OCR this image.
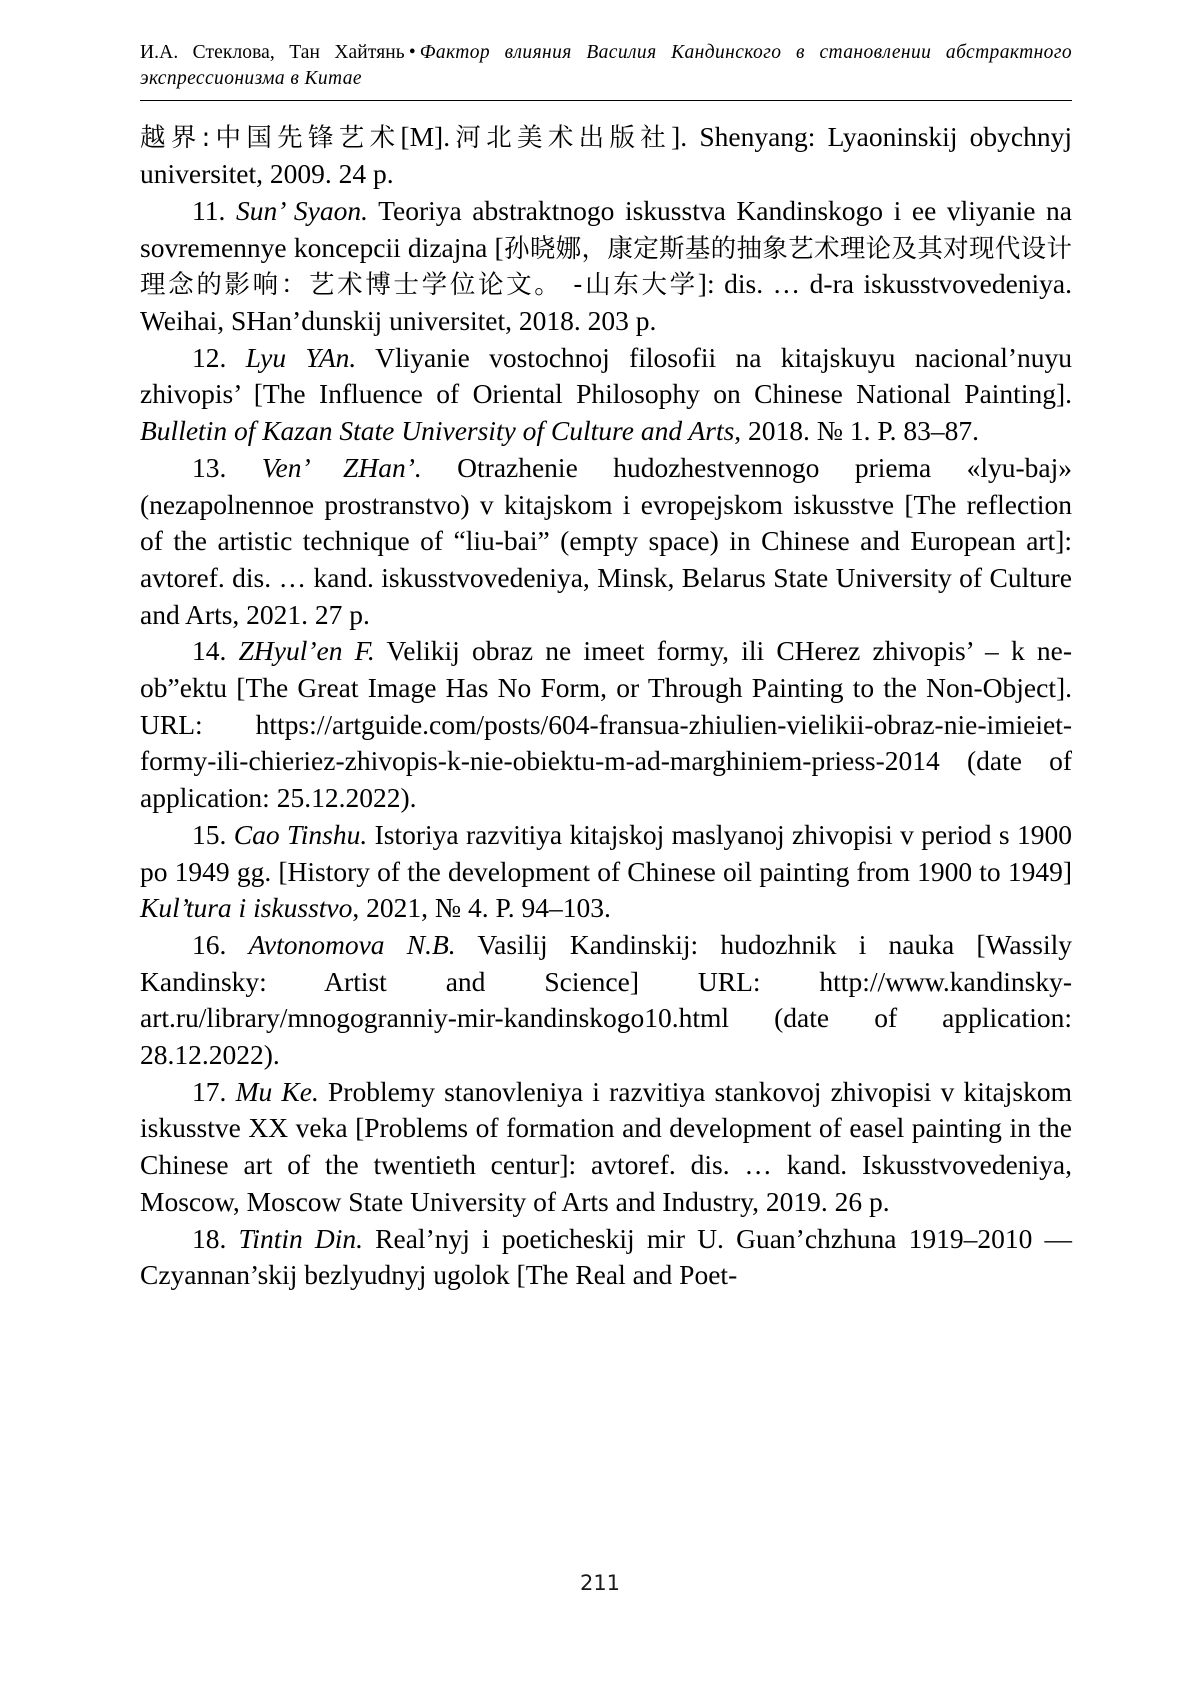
И.А. Стеклова, Тан Хайтянь • Фактор влияния Василия Кандинского в становлении абстрактного экспрессионизма в Китае

越界:中国先锋艺术[M].河北美术出版社]. Shenyang: Lyaoninskij obychnyj universitet, 2009. 24 p.

11. Sun’ Syaon. Teoriya abstraktnogo iskusstva Kandinskogo i ee vliyanie na sovremennye koncepcii dizajna [孙晓娜，康定斯基的抽象艺术理论及其对现代设计理念的影响：艺术博士学位论文。 -山东大学]: dis. … d-ra iskusstvovedeniya. Weihai, SHan’dunskij universitet, 2018. 203 p.

12. Lyu YAn. Vliyanie vostochnoj filosofii na kitajskuyu nacional’nuyu zhivopis’ [The Influence of Oriental Philosophy on Chinese National Painting]. Bulletin of Kazan State University of Culture and Arts, 2018. № 1. P. 83–87.

13. Ven’ ZHan’. Otrazhenie hudozhestvennogo priema «lyu-baj» (nezapolnennoe prostranstvo) v kitajskom i evropejskom iskusstve [The reflection of the artistic technique of “liu-bai” (empty space) in Chinese and European art]: avtoref. dis. … kand. iskusstvovedeniya, Minsk, Belarus State University of Culture and Arts, 2021. 27 p.

14. ZHyul’en F. Velikij obraz ne imeet formy, ili CHerez zhivopis’ – k ne-ob”ektu [The Great Image Has No Form, or Through Painting to the Non-Object]. URL: https://artguide.com/posts/604-fransua-zhiulien-vielikii-obraz-nie-imieiet-formy-ili-chieriez-zhivopis-k-nie-obiektu-m-ad-marghiniem-priess-2014 (date of application: 25.12.2022).

15. Cao Tinshu. Istoriya razvitiya kitajskoj maslyanoj zhivopisi v period s 1900 po 1949 gg. [History of the development of Chinese oil painting from 1900 to 1949] Kul’tura i iskusstvo, 2021, № 4. P. 94–103.

16. Avtonomova N.B. Vasilij Kandinskij: hudozhnik i nauka [Wassily Kandinsky: Artist and Science] URL: http://www.kandinsky-art.ru/library/mnogogranniy-mir-kandinskogo10.html (date of application: 28.12.2022).

17. Mu Ke. Problemy stanovleniya i razvitiya stankovoj zhivopisi v kitajskom iskusstve XX veka [Problems of formation and development of easel painting in the Chinese art of the twentieth centur]: avtoref. dis. … kand. Iskusstvovedeniya, Moscow, Moscow State University of Arts and Industry, 2019. 26 p.

18. Tintin Din. Real’nyj i poeticheskij mir U. Guan’chzhuna 1919–2010 — Czyannan’skij bezlyudnyj ugolok [The Real and Poet-

211
